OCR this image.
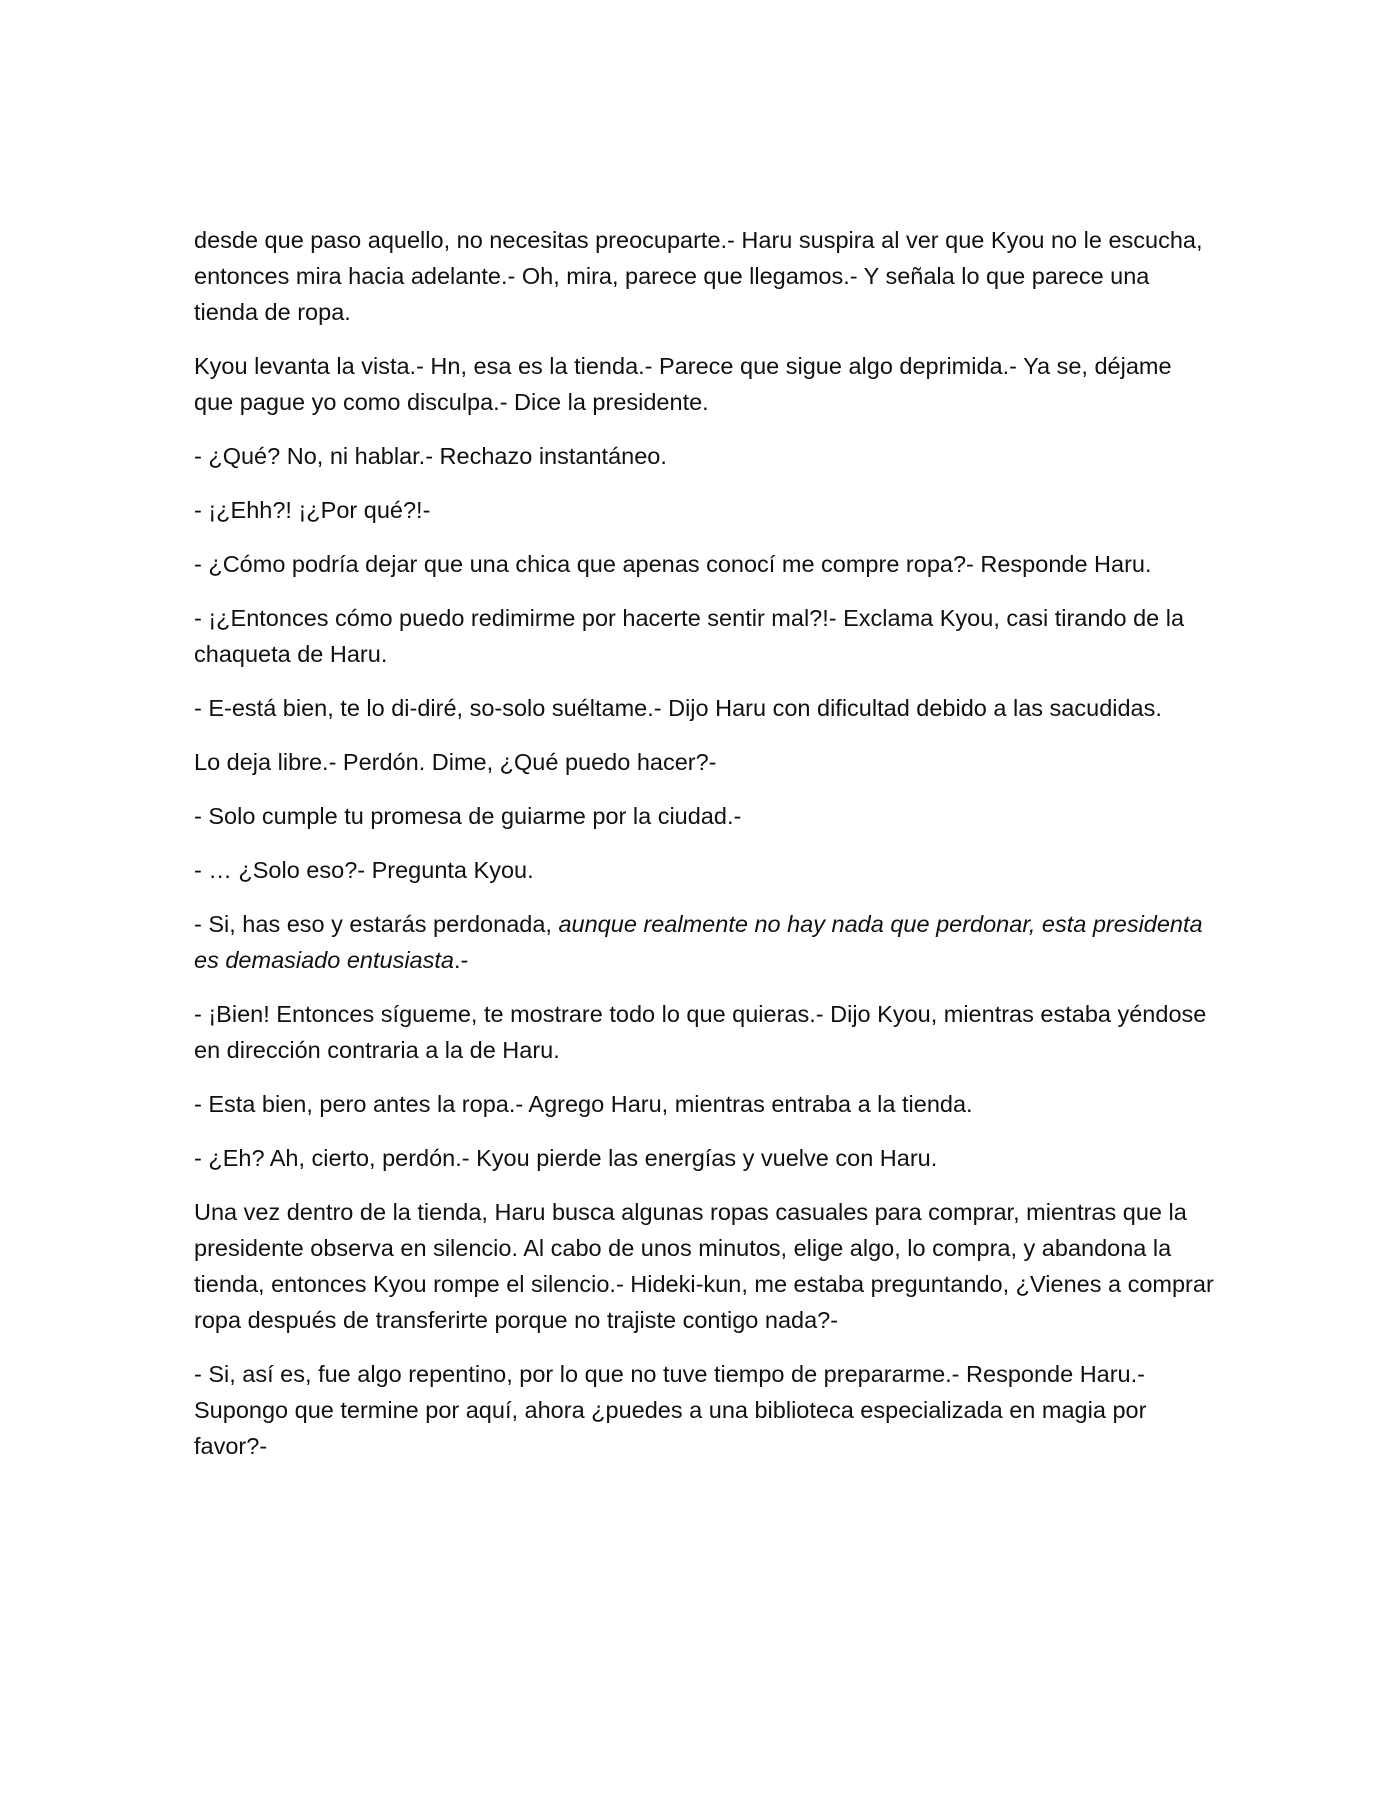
desde que paso aquello, no necesitas preocuparte.- Haru suspira al ver que Kyou no le escucha, entonces mira hacia adelante.- Oh, mira, parece que llegamos.- Y señala lo que parece una tienda de ropa.

Kyou levanta la vista.- Hn, esa es la tienda.- Parece que sigue algo deprimida.- Ya se, déjame que pague yo como disculpa.- Dice la presidente.

- ¿Qué? No, ni hablar.- Rechazo instantáneo.

- ¡¿Ehh?! ¡¿Por qué?!-

- ¿Cómo podría dejar que una chica que apenas conocí me compre ropa?- Responde Haru.

- ¡¿Entonces cómo puedo redimirme por hacerte sentir mal?!- Exclama Kyou, casi tirando de la chaqueta de Haru.

- E-está bien, te lo di-diré, so-solo suéltame.- Dijo Haru con dificultad debido a las sacudidas.

Lo deja libre.- Perdón. Dime, ¿Qué puedo hacer?-

- Solo cumple tu promesa de guiarme por la ciudad.-

- … ¿Solo eso?- Pregunta Kyou.

- Si, has eso y estarás perdonada, aunque realmente no hay nada que perdonar, esta presidenta es demasiado entusiasta.-

- ¡Bien! Entonces sígueme, te mostrare todo lo que quieras.- Dijo Kyou, mientras estaba yéndose en dirección contraria a la de Haru.

- Esta bien, pero antes la ropa.- Agrego Haru, mientras entraba a la tienda.

- ¿Eh? Ah, cierto, perdón.- Kyou pierde las energías y vuelve con Haru.

Una vez dentro de la tienda, Haru busca algunas ropas casuales para comprar, mientras que la presidente observa en silencio. Al cabo de unos minutos, elige algo, lo compra, y abandona la tienda, entonces Kyou rompe el silencio.- Hideki-kun, me estaba preguntando, ¿Vienes a comprar ropa después de transferirte porque no trajiste contigo nada?-

- Si, así es, fue algo repentino, por lo que no tuve tiempo de prepararme.- Responde Haru.- Supongo que termine por aquí, ahora ¿puedes a una biblioteca especializada en magia por favor?-
